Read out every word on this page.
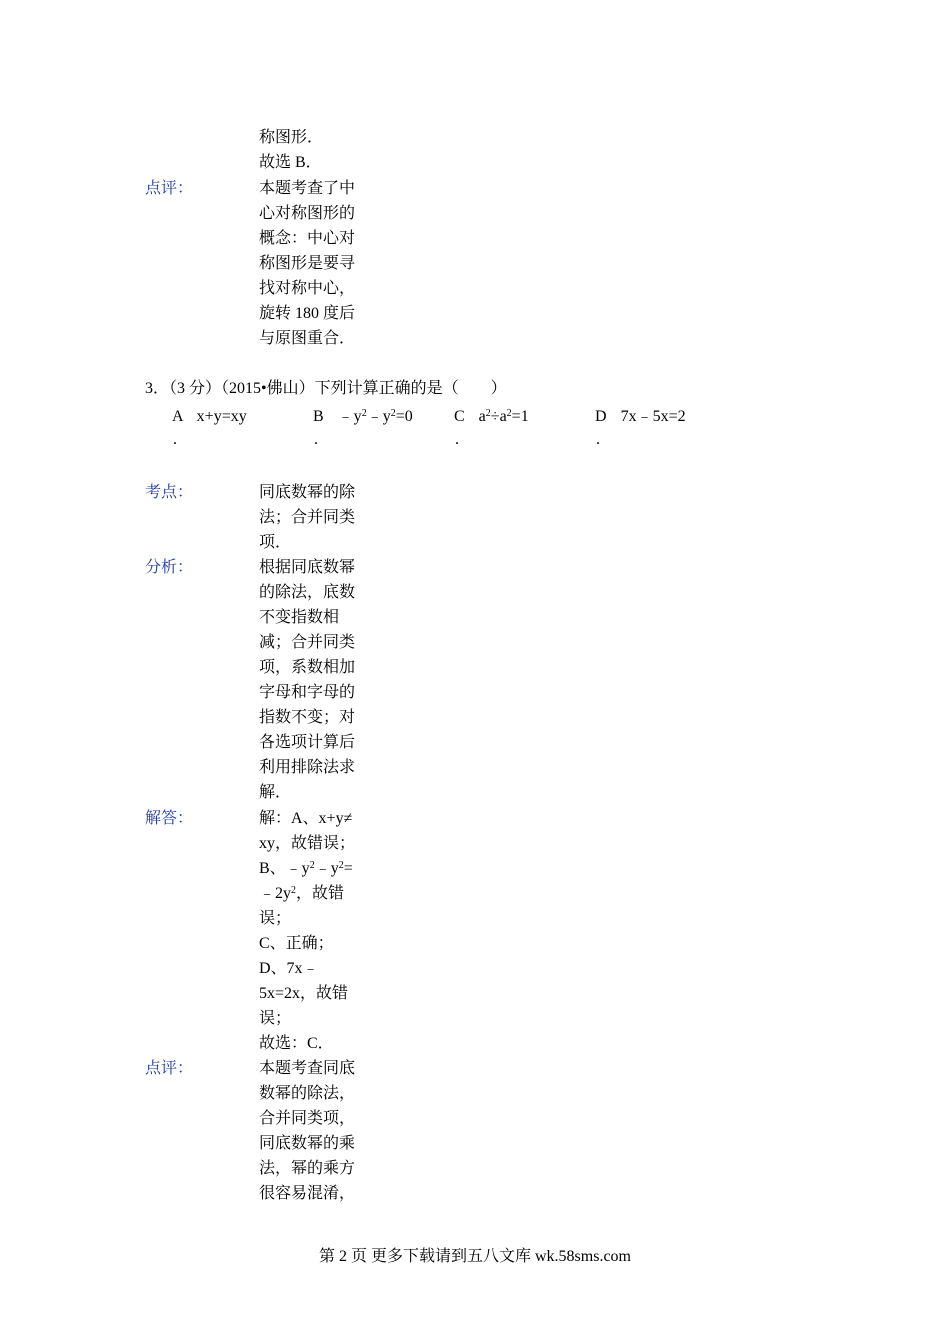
称图形．
故选 B．
点评：	本题考查了中
心对称图形的
概念：中心对
称图形是要寻
找对称中心，
旋转 180 度后
与原图重合．
3．（3 分）（2015•佛山）下列计算正确的是（　　）
A x+y=xy	B $﹣y^2﹣y^2=0$	C $a^2\div a^2=1$	D 7x﹣5x=2
.	.	.	.
考点：	同底数幂的除
法；合并同类
项．
分析：	根据同底数幂
的除法，底数
不变指数相
减；合并同类
项，系数相加
字母和字母的
指数不变；对
各选项计算后
利用排除法求
解．
解答：	解：A、x+y≠
xy，故错误；
B、$﹣y^2﹣y^2=$
$﹣2y^2$，故错
误；
C、正确；
D、7x﹣
5x=2x，故错
误；
故选：C．
点评：	本题考查同底
数幂的除法，
合并同类项，
同底数幂的乘
法，幂的乘方
很容易混淆，
第 2 页 更多下载请到五八文库 wk.58sms.com
